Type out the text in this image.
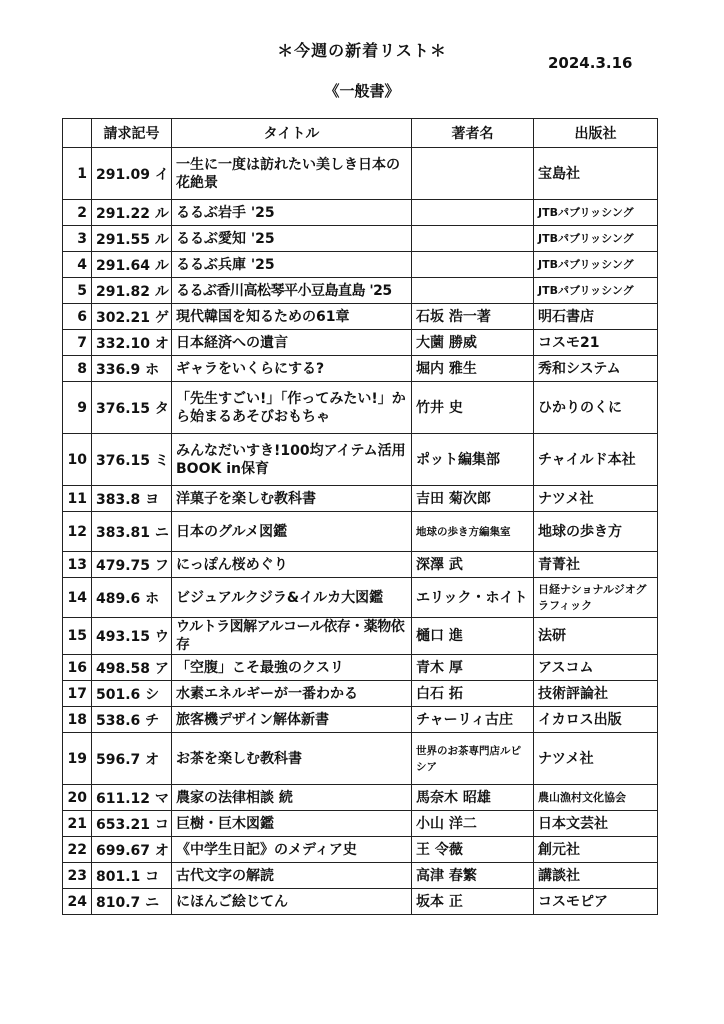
＊今週の新着リスト＊
2024.3.16
《一般書》
	請求記号	タイトル	著者名	出版社
1	291.09 イ	一生に一度は訪れたい美しき日本の花絶景		宝島社
2	291.22 ル	るるぶ岩手 '25		JTBパブリッシング
3	291.55 ル	るるぶ愛知 '25		JTBパブリッシング
4	291.64 ル	るるぶ兵庫 '25		JTBパブリッシング
5	291.82 ル	るるぶ香川高松琴平小豆島直島 '25		JTBパブリッシング
6	302.21 ゲ	現代韓国を知るための61章	石坂 浩一著	明石書店
7	332.10 オ	日本経済への遺言	大薗 勝威	コスモ21
8	336.9 ホ	ギャラをいくらにする?	堀内 雅生	秀和システム
9	376.15 タ	「先生すごい!」「作ってみたい!」から始まるあそびおもちゃ	竹井 史	ひかりのくに
10	376.15 ミ	みんなだいすき!100均アイテム活用BOOK in保育	ポット編集部	チャイルド本社
11	383.8 ヨ	洋菓子を楽しむ教科書	吉田 菊次郎	ナツメ社
12	383.81 ニ	日本のグルメ図鑑	地球の歩き方編集室	地球の歩き方
13	479.75 フ	にっぽん桜めぐり	深澤 武	青菁社
14	489.6 ホ	ビジュアルクジラ&イルカ大図鑑	エリック・ホイト	日経ナショナルジオグラフィック
15	493.15 ウ	ウルトラ図解アルコール依存・薬物依存	樋口 進	法研
16	498.58 ア	「空腹」こそ最強のクスリ	青木 厚	アスコム
17	501.6 シ	水素エネルギーが一番わかる	白石 拓	技術評論社
18	538.6 チ	旅客機デザイン解体新書	チャーリィ古庄	イカロス出版
19	596.7 オ	お茶を楽しむ教科書	世界のお茶専門店ルピシア	ナツメ社
20	611.12 マ	農家の法律相談 続	馬奈木 昭雄	農山漁村文化協会
21	653.21 コ	巨樹・巨木図鑑	小山 洋二	日本文芸社
22	699.67 オ	《中学生日記》のメディア史	王 令薇	創元社
23	801.1 コ	古代文字の解読	高津 春繁	講談社
24	810.7 ニ	にほんご絵じてん	坂本 正	コスモピア
